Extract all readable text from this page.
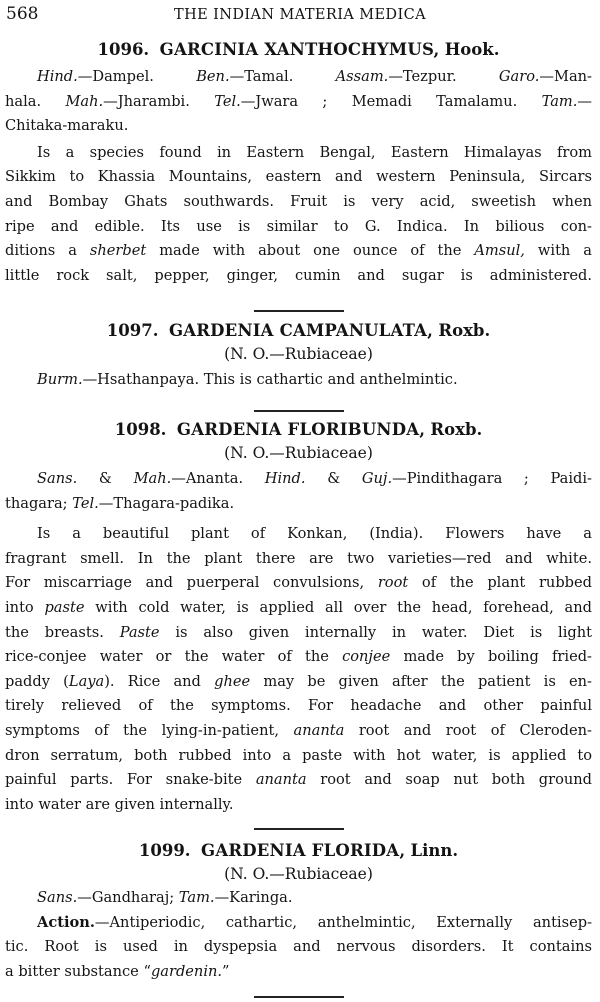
568	THE INDIAN MATERIA MEDICA
1096. GARCINIA XANTHOCHYMUS, Hook.

Hind.—Dampel. Ben.—Tamal. Assam.—Tezpur. Garo.—Man-
hala. Mah.—Jharambi. Tel.—Jwara ; Memadi Tamalamu. Tam.—
Chitaka-maraku.

Is a species found in Eastern Bengal, Eastern Himalayas from
Sikkim to Khassia Mountains, eastern and western Peninsula, Sircars
and Bombay Ghats southwards. Fruit is very acid, sweetish when
ripe and edible. Its use is similar to G. Indica. In bilious con-
ditions a sherbet made with about one ounce of the Amsul, with a
little rock salt, pepper, ginger, cumin and sugar is administered.

1097. GARDENIA CAMPANULATA, Roxb.
(N. O.—Rubiaceae)

Burm.—Hsathanpaya. This is cathartic and anthelmintic.

1098. GARDENIA FLORIBUNDA, Roxb.
(N. O.—Rubiaceae)

Sans. & Mah.—Ananta. Hind. & Guj.—Pindithagara ; Paidi-
thagara; Tel.—Thagara-padika.

Is a beautiful plant of Konkan, (India). Flowers have a
fragrant smell. In the plant there are two varieties—red and white.
For miscarriage and puerperal convulsions, root of the plant rubbed
into paste with cold water, is applied all over the head, forehead, and
the breasts. Paste is also given internally in water. Diet is light
rice-conjee water or the water of the conjee made by boiling fried-
paddy (Laya). Rice and ghee may be given after the patient is en-
tirely relieved of the symptoms. For headache and other painful
symptoms of the lying-in-patient, ananta root and root of Cleroden-
dron serratum, both rubbed into a paste with hot water, is applied to
painful parts. For snake-bite ananta root and soap nut both ground
into water are given internally.

1099. GARDENIA FLORIDA, Linn.
(N. O.—Rubiaceae)

Sans.—Gandharaj; Tam.—Karinga.

Action.—Antiperiodic, cathartic, anthelmintic, Externally antisep-
tic. Root is used in dyspepsia and nervous disorders. It contains
a bitter substance “gardenin.”
